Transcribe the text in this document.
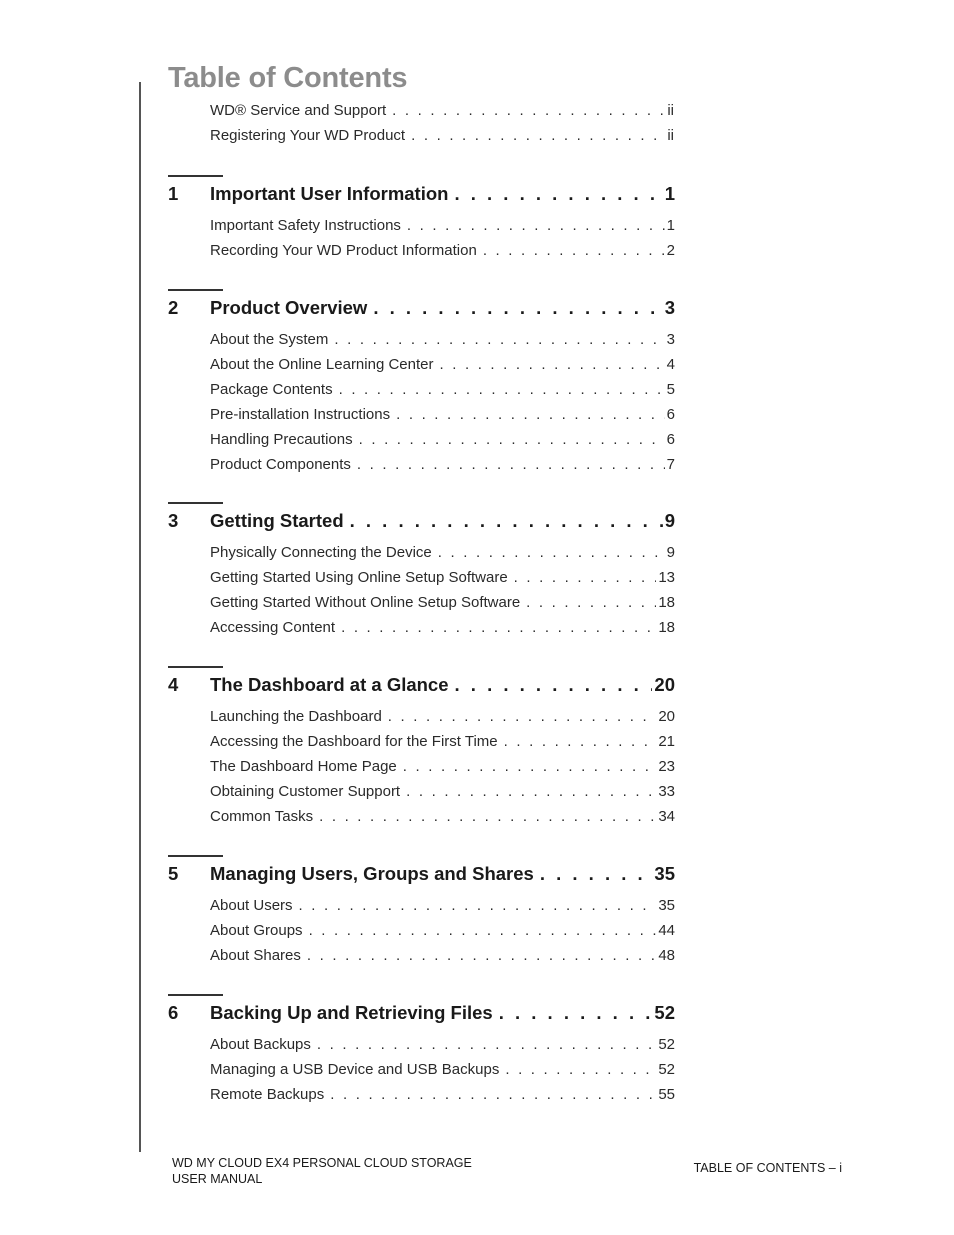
Table of Contents
WD® Service and Support . . .	ii
Registering Your WD Product . . .	ii
1	Important User Information . . .	1
Important Safety Instructions . . .	1
Recording Your WD Product Information . . .	2
2	Product Overview . . .	3
About the System . . .	3
About the Online Learning Center . . .	4
Package Contents . . .	5
Pre-installation Instructions . . .	6
Handling Precautions . . .	6
Product Components . . .	7
3	Getting Started . . .	9
Physically Connecting the Device . . .	9
Getting Started Using Online Setup Software . . .	13
Getting Started Without Online Setup Software . . .	18
Accessing Content . . .	18
4	The Dashboard at a Glance . . .	20
Launching the Dashboard . . .	20
Accessing the Dashboard for the First Time . . .	21
The Dashboard Home Page . . .	23
Obtaining Customer Support . . .	33
Common Tasks . . .	34
5	Managing Users, Groups and Shares . . .	35
About Users . . .	35
About Groups . . .	44
About Shares . . .	48
6	Backing Up and Retrieving Files . . .	52
About Backups . . .	52
Managing a USB Device and USB Backups . . .	52
Remote Backups . . .	55
WD MY CLOUD EX4 PERSONAL CLOUD STORAGE
USER MANUAL
TABLE OF CONTENTS – i
